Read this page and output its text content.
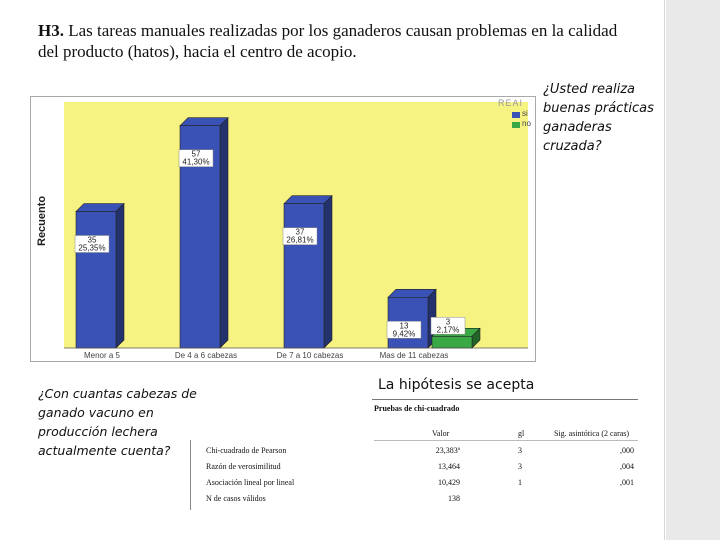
H3. Las tareas manuales realizadas por los ganaderos causan problemas en la calidad del producto (hatos), hacia el centro de acopio.
Recuento	35
25,35%
Menor a 5
57
41,30%
De 4 a 6 cabezas
37
26,81%
De 7 a 10 cabezas
13
9,42%
3
2,17%
Mas de 11 cabezas
REAI
si
no
¿Usted realiza buenas prácticas ganaderas cruzada?
¿Con cuantas cabezas de ganado vacuno en producción lechera actualmente cuenta?
La hipótesis se acepta
Pruebas de chi-cuadrado
Valor	gl	Sig. asintótica (2 caras)
Chi-cuadrado de Pearson	23,383ª	3	,000
Razón de verosimilitud	13,464	3	,004
Asociación lineal por lineal	10,429	1	,001
N de casos válidos	138
